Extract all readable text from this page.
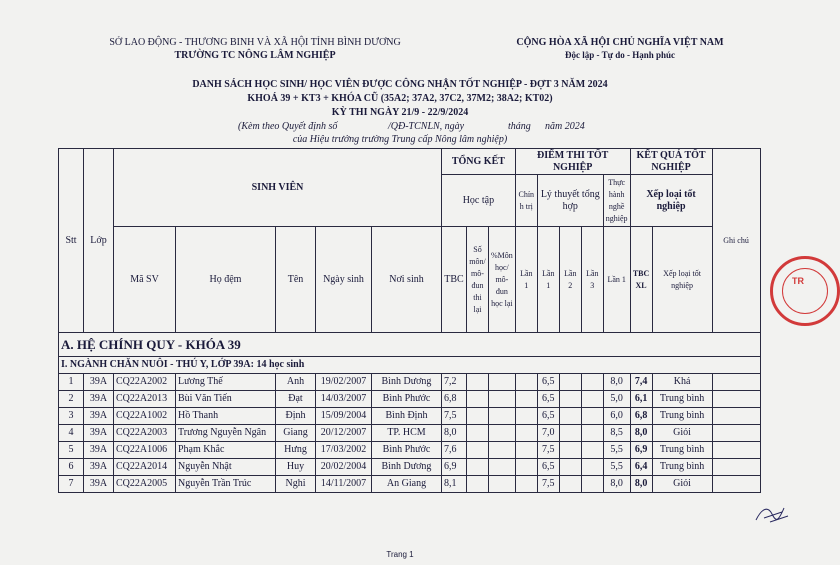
SỞ LAO ĐỘNG - THƯƠNG BINH VÀ XÃ HỘI TỈNH BÌNH DƯƠNG
TRƯỜNG TC NÔNG LÂM NGHIỆP
CỘNG HÒA XÃ HỘI CHỦ NGHĨA VIỆT NAM
Độc lập - Tự do - Hạnh phúc
DANH SÁCH HỌC SINH/ HỌC VIÊN ĐƯỢC CÔNG NHẬN TỐT NGHIỆP - ĐỢT 3 NĂM 2024
KHOÁ 39 + KT3 + KHÓA CŨ (35A2; 37A2, 37C2, 37M2; 38A2; KT02)
KỲ THI NGÀY 21/9 - 22/9/2024
(Kèm theo Quyết định số	/QĐ-TCNLN, ngày	tháng năm 2024
của Hiệu trưởng trường Trung cấp Nông lâm nghiệp)
Stt	Lớp	SINH VIÊN					TỔNG KẾT			ĐIỂM THI TỐT NGHIỆP					KẾT QUẢ TỐT NGHIỆP		Ghi chú
							Học tập			Chín h trị	Lý thuyết tổng hợp			Thực hành nghề nghiệp	Xếp loại tốt nghiệp		
		Mã SV	Họ đệm	Tên	Ngày sinh	Nơi sinh	TBC	Số môn/ mô-đun thi lại	%Môn học/ mô-đun học lại	Lần 1	Lần 1	Lần 2	Lần 3	Lần 1	TBC XL	Xếp loại tốt nghiệp	
A. HỆ CHÍNH QUY - KHÓA 39																	
I. NGÀNH CHĂN NUÔI - THÚ Y, LỚP 39A: 14 học sinh																	
1	39A	CQ22A2002	Lương Thế	Anh	19/02/2007	Bình Dương	7,2				6,5			8,0	7,4	Khá	
2	39A	CQ22A2013	Bùi Văn Tiến	Đạt	14/03/2007	Bình Phước	6,8				6,5			5,0	6,1	Trung bình	
3	39A	CQ22A1002	Hồ Thanh	Định	15/09/2004	Bình Định	7,5				6,5			6,0	6,8	Trung bình	
4	39A	CQ22A2003	Trương Nguyễn Ngân	Giang	20/12/2007	TP. HCM	8,0				7,0			8,5	8,0	Giỏi	
5	39A	CQ22A1006	Phạm Khắc	Hưng	17/03/2002	Bình Phước	7,6				7,5			5,5	6,9	Trung bình	
6	39A	CQ22A2014	Nguyễn Nhật	Huy	20/02/2004	Bình Dương	6,9				6,5			5,5	6,4	Trung bình	
7	39A	CQ22A2005	Nguyễn Trần Trúc	Nghi	14/11/2007	An Giang	8,1				7,5			8,0	8,0	Giỏi	
TR
Trang 1
